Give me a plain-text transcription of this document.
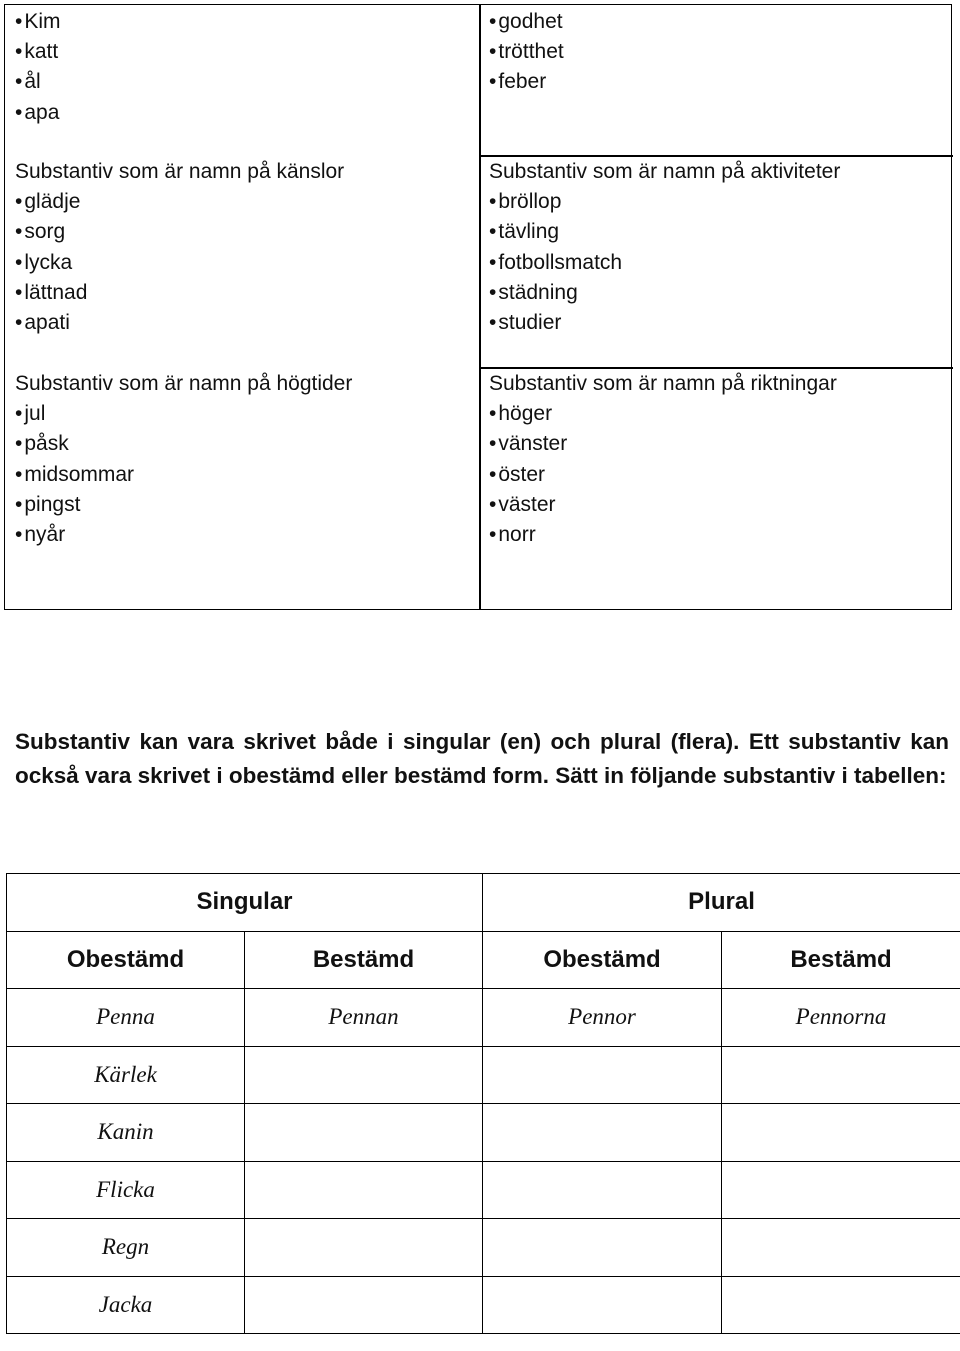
• Kim
• katt
• ål
• apa
Substantiv som är namn på känslor
• glädje
• sorg
• lycka
• lättnad
• apati
Substantiv som är namn på högtider
• jul
• påsk
• midsommar
• pingst
• nyår
• godhet
• trötthet
• feber
Substantiv som är namn på aktiviteter
• bröllop
• tävling
• fotbollsmatch
• städning
• studier
Substantiv som är namn på riktningar
• höger
• vänster
• öster
• väster
• norr

Substantiv kan vara skrivet både i singular (en) och plural (flera). Ett substantiv kan också vara skrivet i obestämd eller bestämd form. Sätt in följande substantiv i tabellen:

Singular		Plural	
Obestämd	Bestämd	Obestämd	Bestämd
Penna	Pennan	Pennor	Pennorna
Kärlek			
Kanin			
Flicka			
Regn			
Jacka			
